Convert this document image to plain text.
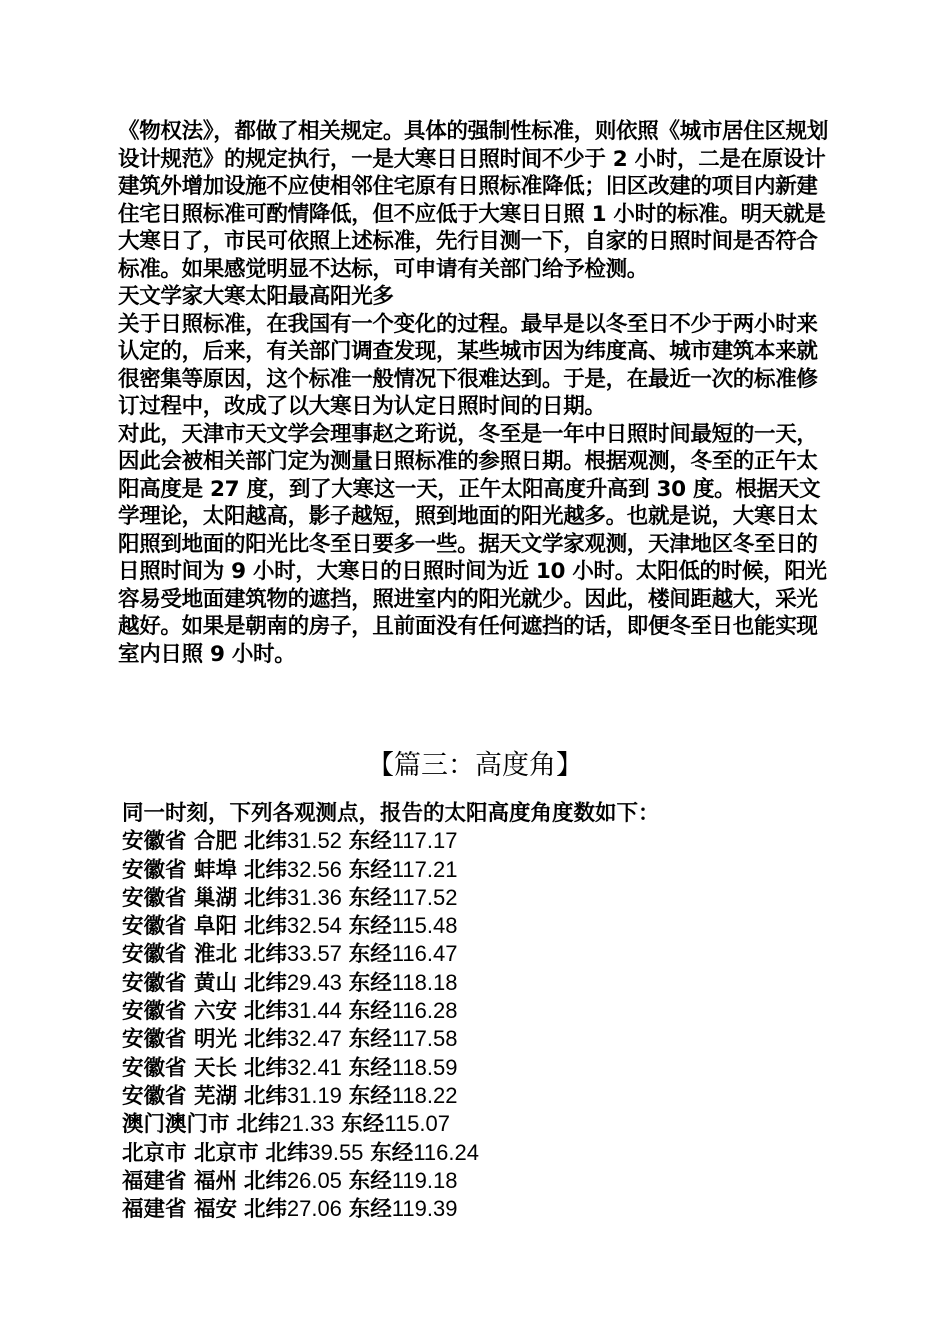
《物权法》，都做了相关规定。具体的强制性标准，则依照《城市居住区规划设计规范》的规定执行，一是大寒日日照时间不少于 2 小时，二是在原设计建筑外增加设施不应使相邻住宅原有日照标准降低；旧区改建的项目内新建住宅日照标准可酌情降低，但不应低于大寒日日照 1 小时的标准。明天就是大寒日了，市民可依照上述标准，先行目测一下，自家的日照时间是否符合标准。如果感觉明显不达标，可申请有关部门给予检测。

天文学家大寒太阳最高阳光多

关于日照标准，在我国有一个变化的过程。最早是以冬至日不少于两小时来认定的，后来，有关部门调查发现，某些城市因为纬度高、城市建筑本来就很密集等原因，这个标准一般情况下很难达到。于是，在最近一次的标准修订过程中，改成了以大寒日为认定日照时间的日期。

对此，天津市天文学会理事赵之珩说，冬至是一年中日照时间最短的一天，因此会被相关部门定为测量日照标准的参照日期。根据观测，冬至的正午太阳高度是 27 度，到了大寒这一天，正午太阳高度升高到 30 度。根据天文学理论，太阳越高，影子越短，照到地面的阳光越多。也就是说，大寒日太阳照到地面的阳光比冬至日要多一些。据天文学家观测，天津地区冬至日的日照时间为 9 小时，大寒日的日照时间为近 10 小时。太阳低的时候，阳光容易受地面建筑物的遮挡，照进室内的阳光就少。因此，楼间距越大，采光越好。如果是朝南的房子，且前面没有任何遮挡的话，即便冬至日也能实现室内日照 9 小时。

【篇三：高度角】

同一时刻，下列各观测点，报告的太阳高度角度数如下：

安徽省 合肥 北纬31.52 东经117.17

安徽省 蚌埠 北纬32.56 东经117.21

安徽省 巢湖 北纬31.36 东经117.52

安徽省 阜阳 北纬32.54 东经115.48

安徽省 淮北 北纬33.57 东经116.47

安徽省 黄山 北纬29.43 东经118.18

安徽省 六安 北纬31.44 东经116.28

安徽省 明光 北纬32.47 东经117.58

安徽省 天长 北纬32.41 东经118.59

安徽省 芜湖 北纬31.19 东经118.22

澳门澳门市 北纬21.33 东经115.07

北京市 北京市 北纬39.55 东经116.24

福建省 福州 北纬26.05 东经119.18

福建省 福安 北纬27.06 东经119.39
